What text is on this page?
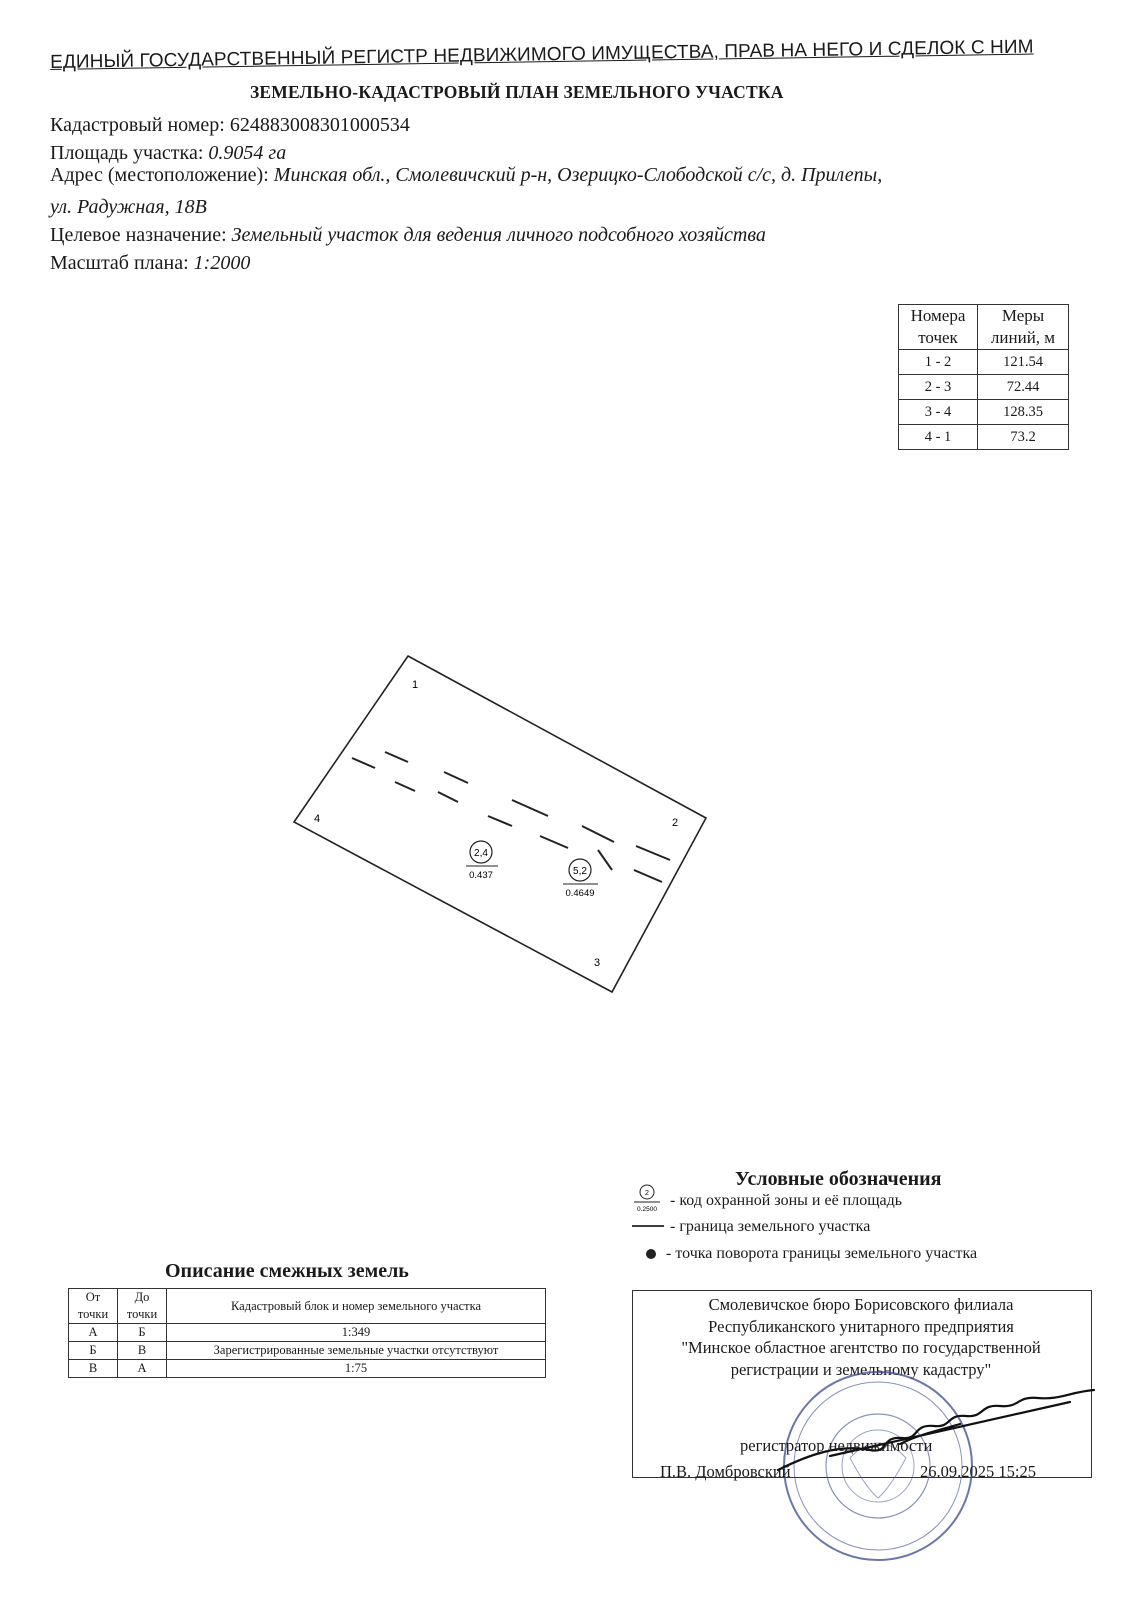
ЕДИНЫЙ ГОСУДАРСТВЕННЫЙ РЕГИСТР НЕДВИЖИМОГО ИМУЩЕСТВА, ПРАВ НА НЕГО И СДЕЛОК С НИМ
ЗЕМЕЛЬНО-КАДАСТРОВЫЙ ПЛАН ЗЕМЕЛЬНОГО УЧАСТКА
Кадастровый номер: 624883008301000534
Площадь участка: 0.9054 га
Адрес (местоположение): Минская обл., Смолевичский р-н, Озерицко-Слободской с/с, д. Прилепы,
ул. Радужная, 18В
Целевое назначение: Земельный участок для ведения личного подсобного хозяйства
Масштаб плана: 1:2000
Номера точек	Меры линий, м
1 - 2	121.54
2 - 3	72.44
3 - 4	128.35
4 - 1	73.2
1
2
3
4
2,4
0.437	5,2
0.4649
2
0.2500
Условные обозначения
- код охранной зоны и её площадь
- граница земельного участка
- точка поворота границы земельного участка
Описание смежных земель
От точки	До точки	Кадастровый блок и номер земельного участка
А	Б	1:349
Б	В	Зарегистрированные земельные участки отсутствуют
В	А	1:75
Смолевичское бюро Борисовского филиала
Республиканского унитарного предприятия
"Минское областное агентство по государственной
регистрации и земельному кадастру"
регистратор недвижимости
П.В. Домбровский	26.09.2025 15:25
